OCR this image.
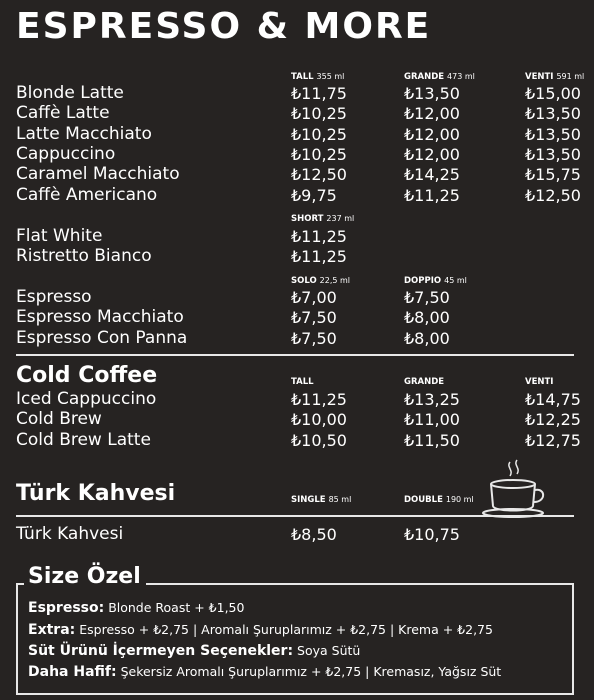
ESPRESSO & MORE
TALL 355 ml	GRANDE 473 ml	VENTI 591 ml
Blonde Latte	₺11,75	₺13,50	₺15,00
Caffè Latte	₺10,25	₺12,00	₺13,50
Latte Macchiato	₺10,25	₺12,00	₺13,50
Cappuccino	₺10,25	₺12,00	₺13,50
Caramel Macchiato	₺12,50	₺14,25	₺15,75
Caffè Americano	₺9,75	₺11,25	₺12,50
SHORT 237 ml
Flat White	₺11,25
Ristretto Bianco	₺11,25
SOLO 22,5 ml	DOPPIO 45 ml
Espresso	₺7,00	₺7,50
Espresso Macchiato	₺7,50	₺8,00
Espresso Con Panna	₺7,50	₺8,00
Cold Coffee	TALL	GRANDE	VENTI
Iced Cappuccino	₺11,25	₺13,25	₺14,75
Cold Brew	₺10,00	₺11,00	₺12,25
Cold Brew Latte	₺10,50	₺11,50	₺12,75
Türk Kahvesi	SINGLE 85 ml	DOUBLE 190 ml
Türk Kahvesi	₺8,50	₺10,75
Size Özel
Espresso: Blonde Roast + ₺1,50
Extra: Espresso + ₺2,75 | Aromalı Şuruplarımız + ₺2,75 | Krema + ₺2,75
Süt Ürünü İçermeyen Seçenekler: Soya Sütü
Daha Hafif: Şekersiz Aromalı Şuruplarımız + ₺2,75 | Kremasız, Yağsız Süt
